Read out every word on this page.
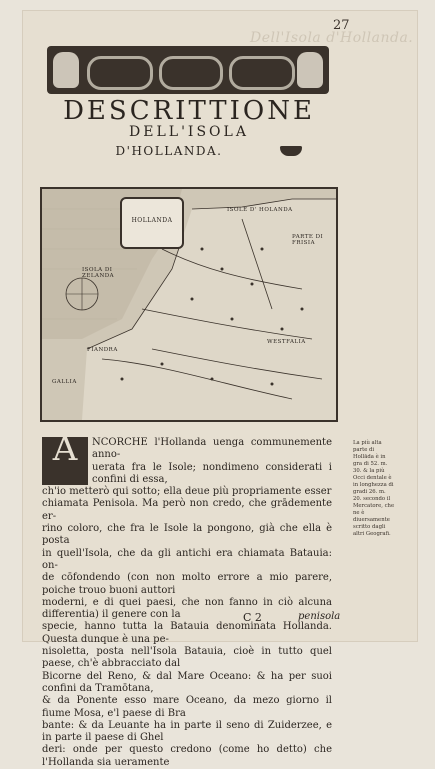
27
Dell'Isola d'Hollanda.
DESCRITTIONE
DELL'ISOLA
D'HOLLANDA.
HOLLANDA
ISOLE D' HOLANDA
ISOLA DI ZELANDA
FIANDRA
GALLIA
WESTFALIA
PARTE DI FRISIA
A	NCORCHE l'Hollanda uenga communemente anno-
uerata fra le Isole; nondimeno considerati i confini di essa,
ch'io metterò qui sotto; ella deue più propriamente esser
chiamata Penisola. Ma però non credo, che grādemente er-
rino coloro, che fra le Isole la pongono, già che ella è posta
in quell'Isola, che da gli antichi era chiamata Batauia: on-
de cōfondendo (con non molto errore a mio parere, poiche trouo buoni auttori
moderni, e di quei paesi, che non fanno in ciò alcuna differentia) il genere con la
specie, hanno tutta la Batauia denominata Hollanda. Questa dunque è una pe-
nisoletta, posta nell'Isola Batauia, cioè in tutto quel paese, ch'è abbracciato dal
Bicorne del Reno, & dal Mare Oceano: & ha per suoi confini da Tramōtana,
& da Ponente esso mare Oceano, da mezo giorno il fiume Mosa, e'l paese di Bra
bante: & da Leuante ha in parte il seno di Zuiderzee, e in parte il paese di Ghel
deri: onde per questo credono (come ho detto) che l'Hollanda sia ueramente
La più alta parte di Hollāda è in gra di 52. m. 30. & la più Occi dentale è in longhezza di gradi 26. m. 20. secondo il Mercatore, che ne è diuersamente scritto dagli altri Geografi.
C 2	penisola
